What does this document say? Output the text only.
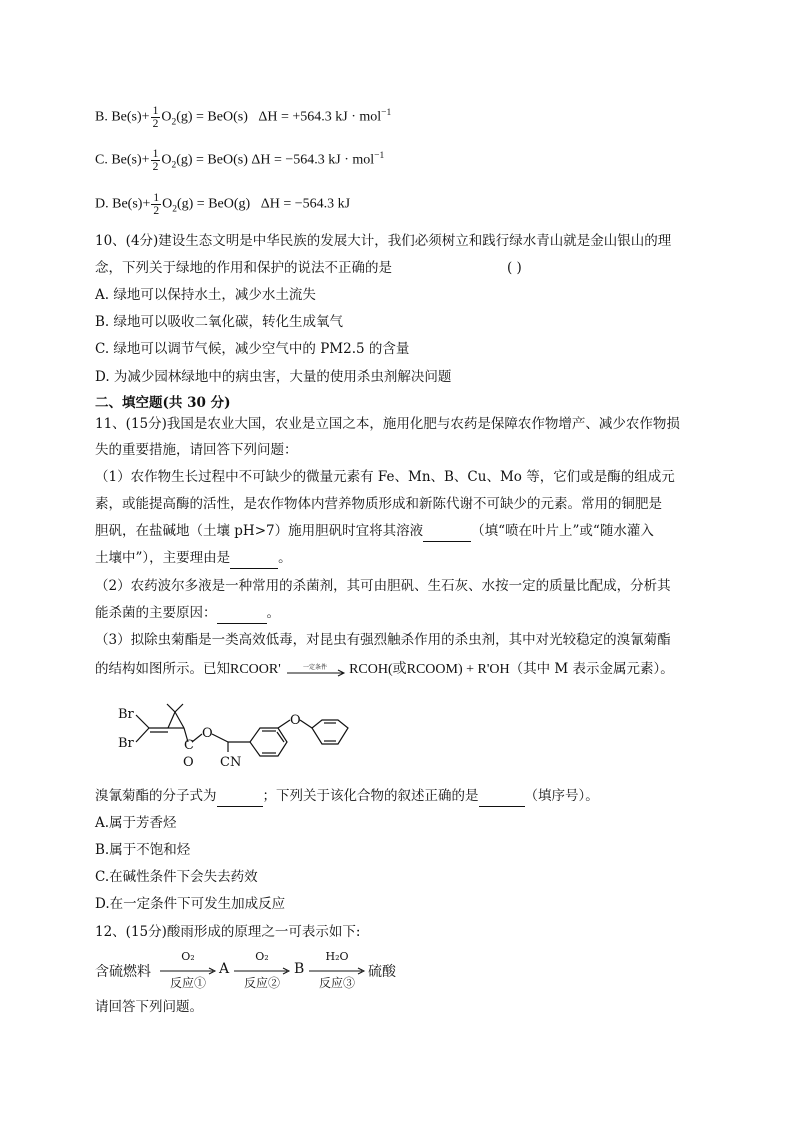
B. $Be(s)+ \frac{1}{2} O_2(g) = BeO(s) \Delta H = +564.3$ kJ · mol$^{-1}$
C. $Be(s)+ \frac{1}{2} O_2(g) = BeO(s) \Delta H = -564.3$ kJ · mol$^{-1}$
D. $Be(s)+ \frac{1}{2} O_2(g) = BeO(g) \Delta H = -564.3$ kJ
10、(4分)建设生态文明是中华民族的发展大计，我们必须树立和践行绿水青山就是金山银山的理
念，下列关于绿地的作用和保护的说法不正确的是	( )
A. 绿地可以保持水土，减少水土流失
B. 绿地可以吸收二氧化碳，转化生成氧气
C. 绿地可以调节气候，减少空气中的 PM2.5 的含量
D. 为减少园林绿地中的病虫害，大量的使用杀虫剂解决问题
二、填空题(共 30 分)
11、(15分)我国是农业大国，农业是立国之本，施用化肥与农药是保障农作物增产、减少农作物损
失的重要措施，请回答下列问题：
（1）农作物生长过程中不可缺少的微量元素有 Fe、Mn、B、Cu、Mo 等，它们或是酶的组成元
素，或能提高酶的活性，是农作物体内营养物质形成和新陈代谢不可缺少的元素。常用的铜肥是
胆矾，在盐碱地（土壤 pH>7）施用胆矾时宜将其溶液	（填“喷在叶片上”或“随水灌入
土壤中”），主要理由是	。
（2）农药波尔多液是一种常用的杀菌剂，其可由胆矾、生石灰、水按一定的质量比配成，分析其
能杀菌的主要原因：	。
（3）拟除虫菊酯是一类高效低毒，对昆虫有强烈触杀作用的杀虫剂，其中对光较稳定的溴氰菊酯
的结构如图所示。已知RCOOR'	一定条件 RCOH(或RCOOM) + R'OH（其中 M 表示金属元素）。
Br
Br	C
O
O
CN
O
溴氰菊酯的分子式为	；下列关于该化合物的叙述正确的是	（填序号）。
A.属于芳香烃
B.属于不饱和烃
C.在碱性条件下会失去药效
D.在一定条件下可发生加成反应
12、(15分)酸雨形成的原理之一可表示如下:
含硫燃料
O₂
反应①
A
O₂
反应②
B
H₂O
反应③
硫酸
请回答下列问题。
